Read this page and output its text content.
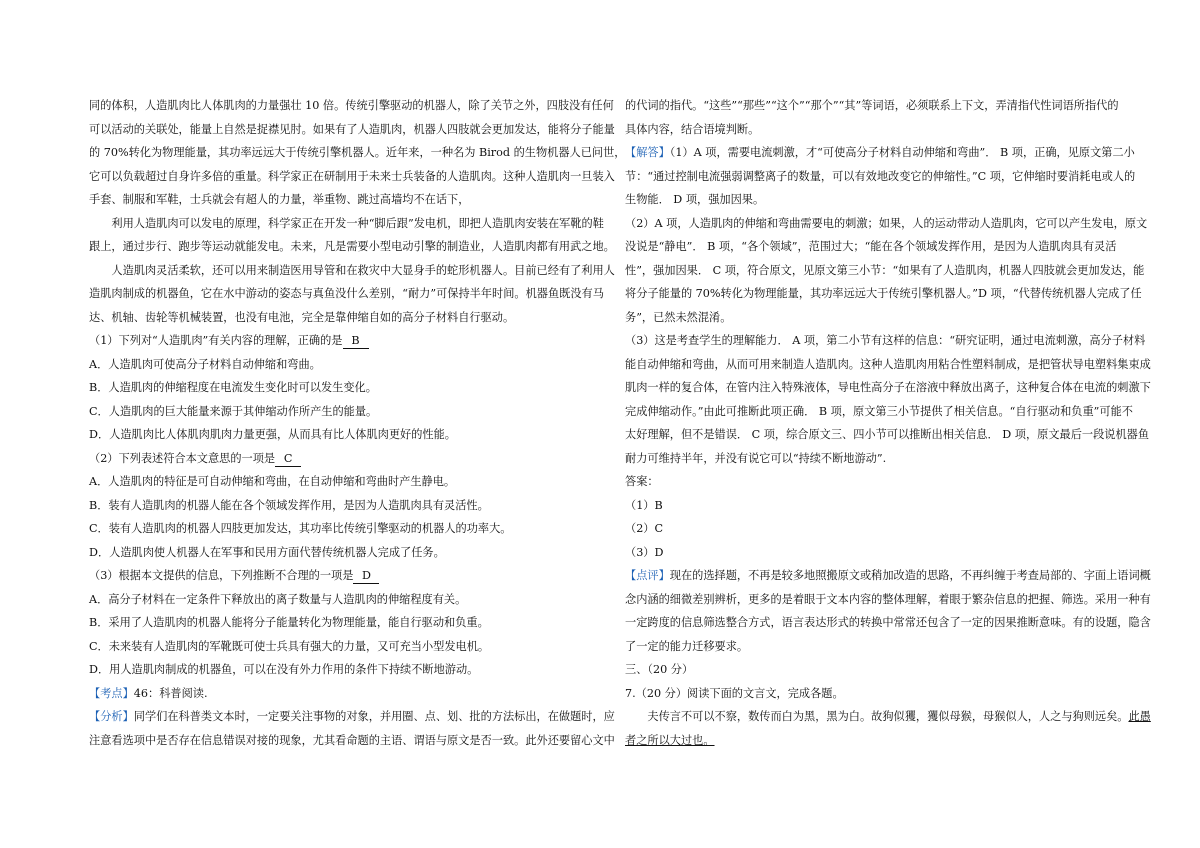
同的体积，人造肌肉比人体肌肉的力量强壮 10 倍。传统引擎驱动的机器人，除了关节之外，四肢没有任何
可以活动的关联处，能量上自然是捉襟见肘。如果有了人造肌肉，机器人四肢就会更加发达，能将分子能量
的 70%转化为物理能量，其功率远远大于传统引擎机器人。近年来，一种名为 Birod 的生物机器人已问世，
它可以负载超过自身许多倍的重量。科学家正在研制用于未来士兵装备的人造肌肉。这种人造肌肉一旦装入
手套、制服和军鞋，士兵就会有超人的力量，举重物、跳过高墙均不在话下，
　　利用人造肌肉可以发电的原理，科学家正在开发一种“脚后跟”发电机，即把人造肌肉安装在军靴的鞋
跟上，通过步行、跑步等运动就能发电。未来，凡是需要小型电动引擎的制造业，人造肌肉都有用武之地。
　　人造肌肉灵活柔软，还可以用来制造医用导管和在救灾中大显身手的蛇形机器人。目前已经有了利用人
造肌肉制成的机器鱼，它在水中游动的姿态与真鱼没什么差别，“耐力”可保持半年时间。机器鱼既没有马
达、机轴、齿轮等机械装置，也没有电池，完全是靠伸缩自如的高分子材料自行驱动。
（1）下列对“人造肌肉”有关内容的理解，正确的是 B
A．人造肌肉可使高分子材料自动伸缩和弯曲。
B．人造肌肉的伸缩程度在电流发生变化时可以发生变化。
C．人造肌肉的巨大能量来源于其伸缩动作所产生的能量。
D．人造肌肉比人体肌肉肌肉力量更强，从而具有比人体肌肉更好的性能。
（2）下列表述符合本文意思的一项是 C
A．人造肌肉的特征是可自动伸缩和弯曲，在自动伸缩和弯曲时产生静电。
B．装有人造肌肉的机器人能在各个领域发挥作用，是因为人造肌肉具有灵活性。
C．装有人造肌肉的机器人四肢更加发达，其功率比传统引擎驱动的机器人的功率大。
D．人造肌肉使人机器人在军事和民用方面代替传统机器人完成了任务。
（3）根据本文提供的信息，下列推断不合理的一项是 D
A．高分子材料在一定条件下释放出的离子数量与人造肌肉的伸缩程度有关。
B．采用了人造肌肉的机器人能将分子能量转化为物理能量，能自行驱动和负重。
C．未来装有人造肌肉的军靴既可使士兵具有强大的力量，又可充当小型发电机。
D．用人造肌肉制成的机器鱼，可以在没有外力作用的条件下持续不断地游动。
【考点】46：科普阅读.
【分析】同学们在科普类文本时，一定要关注事物的对象，并用圈、点、划、批的方法标出，在做题时，应
注意看选项中是否存在信息错误对接的现象，尤其看命题的主语、谓语与原文是否一致。此外还要留心文中
的代词的指代。“这些”“那些”“这个”“那个”“其”等词语，必须联系上下文，弄清指代性词语所指代的
具体内容，结合语境判断。
【解答】（1）A 项，需要电流刺激，才“可使高分子材料自动伸缩和弯曲”． B 项，正确，见原文第二小
节：“通过控制电流强弱调整离子的数量，可以有效地改变它的伸缩性。”C 项，它伸缩时要消耗电或人的
生物能． D 项，强加因果。
（2）A 项，人造肌肉的伸缩和弯曲需要电的刺激；如果，人的运动带动人造肌肉，它可以产生发电，原文
没说是“静电”． B 项，“各个领域”，范围过大；“能在各个领域发挥作用，是因为人造肌肉具有灵活
性”，强加因果． C 项，符合原文，见原文第三小节：“如果有了人造肌肉，机器人四肢就会更加发达，能
将分子能量的 70%转化为物理能量，其功率远远大于传统引擎机器人。”D 项，“代替传统机器人完成了任
务”，已然未然混淆。
（3）这是考查学生的理解能力． A 项，第二小节有这样的信息：“研究证明，通过电流刺激，高分子材料
能自动伸缩和弯曲，从而可用来制造人造肌肉。这种人造肌肉用粘合性塑料制成，是把管状导电塑料集束成
肌肉一样的复合体，在管内注入特殊液体，导电性高分子在溶液中释放出离子，这种复合体在电流的刺激下
完成伸缩动作。”由此可推断此项正确． B 项，原文第三小节提供了相关信息。“自行驱动和负重”可能不
太好理解，但不是错误． C 项，综合原文三、四小节可以推断出相关信息． D 项，原文最后一段说机器鱼
耐力可维持半年，并没有说它可以“持续不断地游动”.
答案：
（1）B
（2）C
（3）D
【点评】现在的选择题，不再是较多地照搬原文或稍加改造的思路，不再纠缠于考查局部的、字面上语词概
念内涵的细微差别辨析，更多的是着眼于文本内容的整体理解，着眼于繁杂信息的把握、筛选。采用一种有
一定跨度的信息筛选整合方式，语言表达形式的转换中常常还包含了一定的因果推断意味。有的设题，隐含
了一定的能力迁移要求。
三、（20 分）
7.（20 分）阅读下面的文言文，完成各题。
　　夫传言不可以不察，数传而白为黑，黑为白。故狗似玃，玃似母猴，母猴似人，人之与狗则远矣。此愚
者之所以大过也。
